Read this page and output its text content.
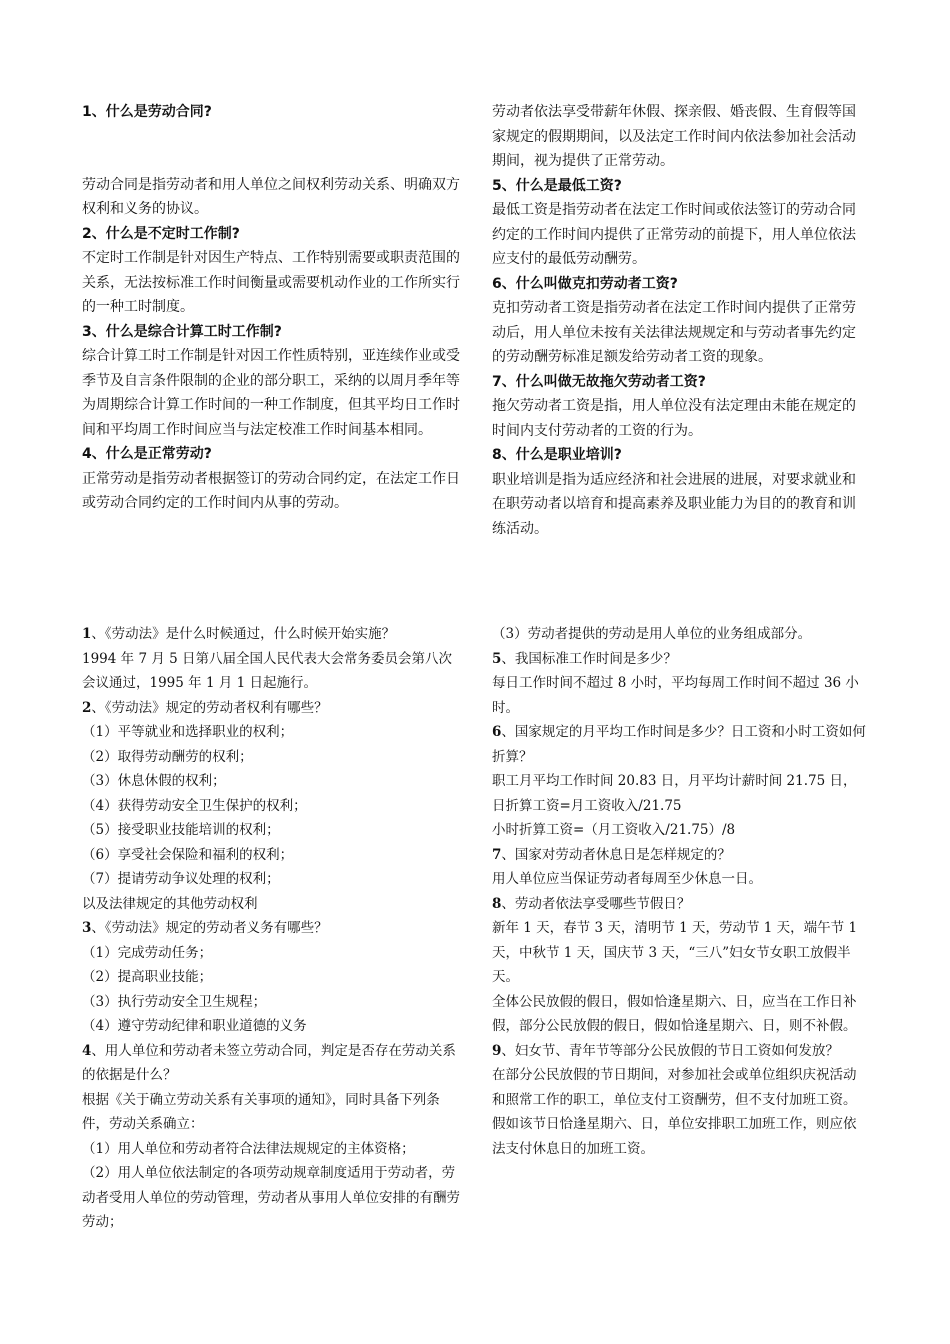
1、什么是劳动合同?

劳动合同是指劳动者和用人单位之间权利劳动关系、明确双方权利和义务的协议。

2、什么是不定时工作制?

不定时工作制是针对因生产特点、工作特别需要或职责范围的关系，无法按标准工作时间衡量或需要机动作业的工作所实行的一种工时制度。

3、什么是综合计算工时工作制?

综合计算工时工作制是针对因工作性质特别，亚连续作业或受季节及自言条件限制的企业的部分职工，采纳的以周月季年等为周期综合计算工作时间的一种工作制度，但其平均日工作时间和平均周工作时间应当与法定校准工作时间基本相同。

4、什么是正常劳动?

正常劳动是指劳动者根据签订的劳动合同约定，在法定工作日或劳动合同约定的工作时间内从事的劳动。

劳动者依法享受带薪年休假、探亲假、婚丧假、生育假等国家规定的假期期间，以及法定工作时间内依法参加社会活动期间，视为提供了正常劳动。

5、什么是最低工资?

最低工资是指劳动者在法定工作时间或依法签订的劳动合同约定的工作时间内提供了正常劳动的前提下，用人单位依法应支付的最低劳动酬劳。

6、什么叫做克扣劳动者工资?

克扣劳动者工资是指劳动者在法定工作时间内提供了正常劳动后，用人单位未按有关法律法规规定和与劳动者事先约定的劳动酬劳标准足额发给劳动者工资的现象。

7、什么叫做无故拖欠劳动者工资?

拖欠劳动者工资是指，用人单位没有法定理由未能在规定的时间内支付劳动者的工资的行为。

8、什么是职业培训?

职业培训是指为适应经济和社会进展的进展，对要求就业和在职劳动者以培育和提高素养及职业能力为目的的教育和训练活动。

1、《劳动法》是什么时候通过，什么时候开始实施？

1994 年 7 月 5 日第八届全国人民代表大会常务委员会第八次会议通过，1995 年 1 月 1 日起施行。

2、《劳动法》规定的劳动者权利有哪些？

（1）平等就业和选择职业的权利；

（2）取得劳动酬劳的权利；

（3）休息休假的权利；

（4）获得劳动安全卫生保护的权利；

（5）接受职业技能培训的权利；

（6）享受社会保险和福利的权利；

（7）提请劳动争议处理的权利；

以及法律规定的其他劳动权利

3、《劳动法》规定的劳动者义务有哪些？

（1）完成劳动任务；

（2）提高职业技能；

（3）执行劳动安全卫生规程；

（4）遵守劳动纪律和职业道德的义务

4、用人单位和劳动者未签立劳动合同，判定是否存在劳动关系的依据是什么？

根据《关于确立劳动关系有关事项的通知》，同时具备下列条件，劳动关系确立：

（1）用人单位和劳动者符合法律法规规定的主体资格；

（2）用人单位依法制定的各项劳动规章制度适用于劳动者，劳动者受用人单位的劳动管理，劳动者从事用人单位安排的有酬劳劳动；

（3）劳动者提供的劳动是用人单位的业务组成部分。

5、我国标准工作时间是多少？

每日工作时间不超过 8 小时，平均每周工作时间不超过 36 小时。

6、国家规定的月平均工作时间是多少？日工资和小时工资如何折算？

职工月平均工作时间 20.83 日，月平均计薪时间 21.75 日，

日折算工资=月工资收入/21.75

小时折算工资=（月工资收入/21.75）/8

7、国家对劳动者休息日是怎样规定的？

用人单位应当保证劳动者每周至少休息一日。

8、劳动者依法享受哪些节假日？

新年 1 天，春节 3 天，清明节 1 天，劳动节 1 天，端午节 1 天，中秋节 1 天，国庆节 3 天，“三八”妇女节女职工放假半天。

全体公民放假的假日，假如恰逢星期六、日，应当在工作日补假，部分公民放假的假日，假如恰逢星期六、日，则不补假。

9、妇女节、青年节等部分公民放假的节日工资如何发放？

在部分公民放假的节日期间，对参加社会或单位组织庆祝活动和照常工作的职工，单位支付工资酬劳，但不支付加班工资。假如该节日恰逢星期六、日，单位安排职工加班工作，则应依法支付休息日的加班工资。
